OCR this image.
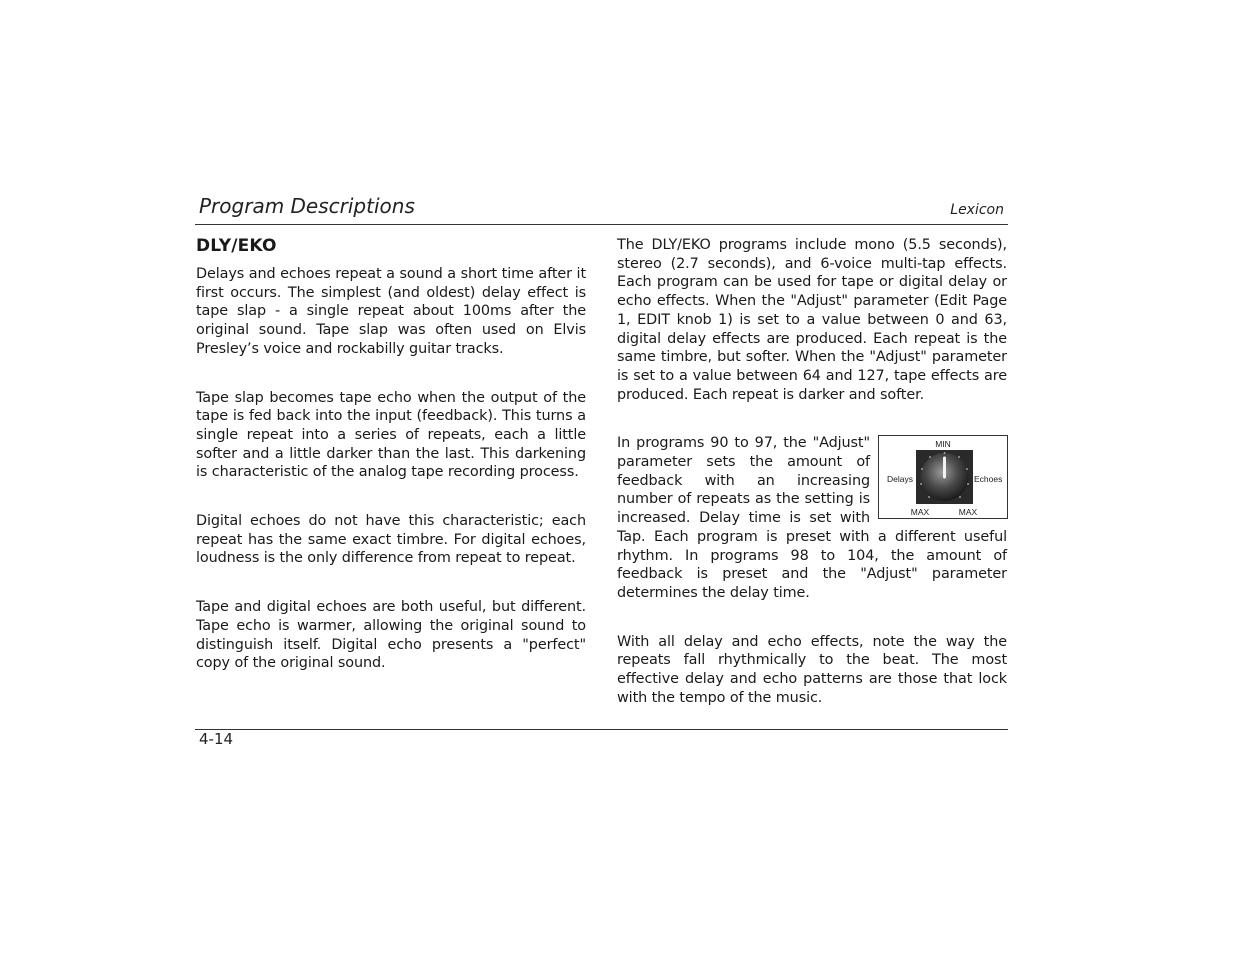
Program Descriptions	Lexicon
DLY/EKO

Delays and echoes repeat a sound a short time after it first occurs. The simplest (and oldest) delay effect is tape slap - a single repeat about 100ms after the original sound. Tape slap was often used on Elvis Presley’s voice and rockabilly guitar tracks.

Tape slap becomes tape echo when the output of the tape is fed back into the input (feedback). This turns a single repeat into a series of repeats, each a little softer and a little darker than the last. This darkening is characteristic of the analog tape recording process.

Digital echoes do not have this characteristic; each repeat has the same exact timbre. For digital echoes, loudness is the only difference from repeat to repeat.

Tape and digital echoes are both useful, but different. Tape echo is warmer, allowing the original sound to distinguish itself. Digital echo presents a "perfect" copy of the original sound.

The DLY/EKO programs include mono (5.5 seconds), stereo (2.7 seconds), and 6-voice multi-tap effects. Each program can be used for tape or digital delay or echo effects. When the "Adjust" parameter (Edit Page 1, EDIT knob 1) is set to a value between 0 and 63, digital delay effects are produced. Each repeat is the same timbre, but softer. When the "Adjust" parameter is set to a value between 64 and 127, tape effects are produced. Each repeat is darker and softer.

MIN
Delays	Echoes
MAX	MAX

In programs 90 to 97, the "Adjust" parameter sets the amount of feedback with an increasing number of repeats as the setting is increased. Delay time is set with Tap. Each program is preset with a different useful rhythm. In programs 98 to 104, the amount of feedback is preset and the "Adjust" parameter determines the delay time.

With all delay and echo effects, note the way the repeats fall rhythmically to the beat. The most effective delay and echo patterns are those that lock with the tempo of the music.

4-14
